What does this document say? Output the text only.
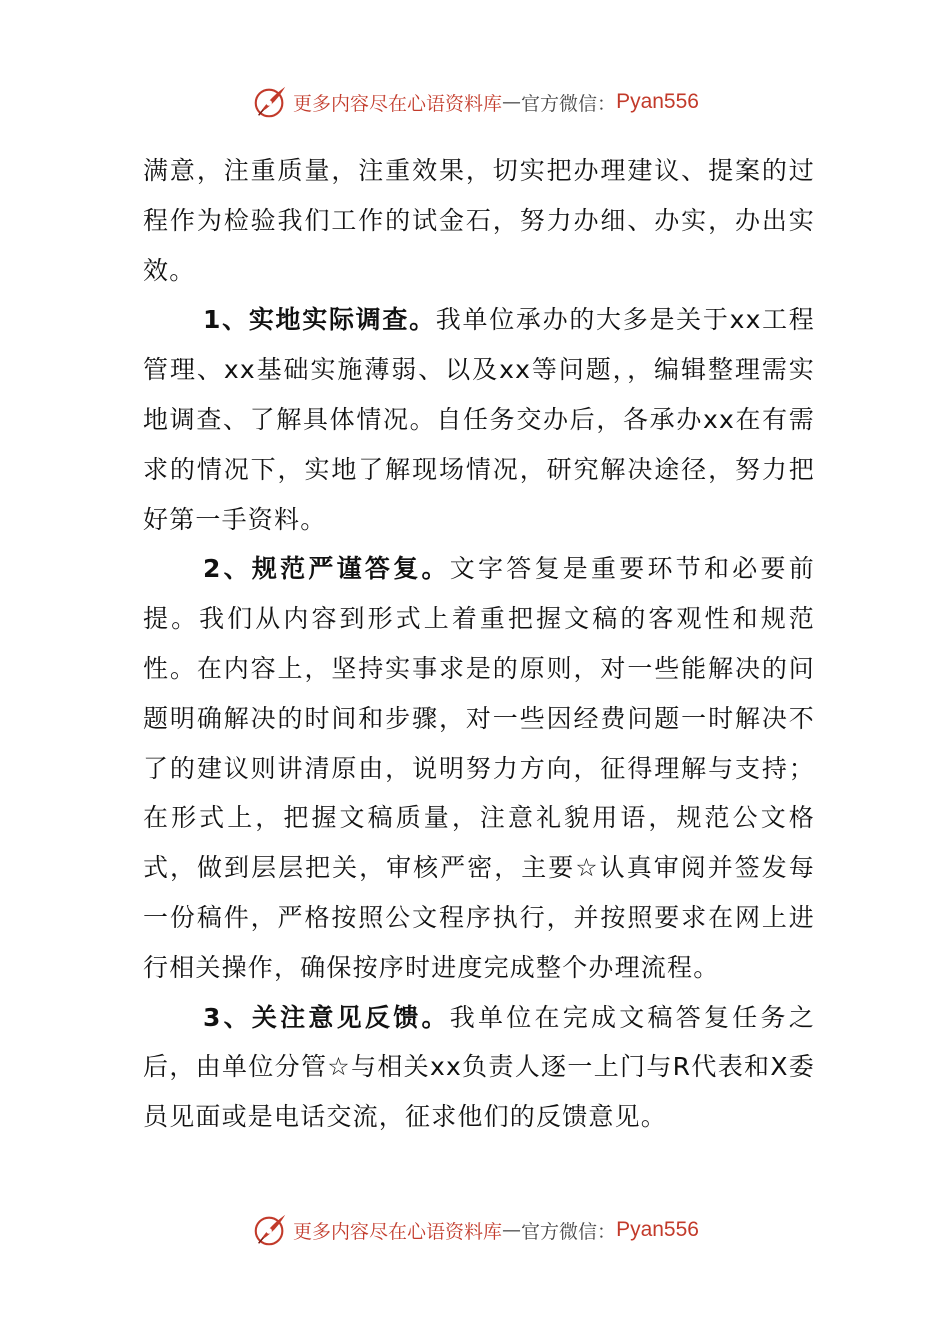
更多内容尽在心语资料库 — 官方微信： Pyan556

满意，注重质量，注重效果，切实把办理建议、提案的过程作为检验我们工作的试金石，努力办细、办实，办出实效。

1、实地实际调查。我单位承办的大多是关于xx工程管理、xx基础实施薄弱、以及xx等问题，，编辑整理需实地调查、了解具体情况。自任务交办后，各承办xx在有需求的情况下，实地了解现场情况，研究解决途径，努力把好第一手资料。

2、规范严谨答复。文字答复是重要环节和必要前提。我们从内容到形式上着重把握文稿的客观性和规范性。在内容上，坚持实事求是的原则，对一些能解决的问题明确解决的时间和步骤，对一些因经费问题一时解决不了的建议则讲清原由，说明努力方向，征得理解与支持；在形式上，把握文稿质量，注意礼貌用语，规范公文格式，做到层层把关，审核严密，主要☆认真审阅并签发每一份稿件，严格按照公文程序执行，并按照要求在网上进行相关操作，确保按序时进度完成整个办理流程。

3、关注意见反馈。我单位在完成文稿答复任务之后，由单位分管☆与相关xx负责人逐一上门与R代表和X委员见面或是电话交流，征求他们的反馈意见。

更多内容尽在心语资料库 — 官方微信： Pyan556
